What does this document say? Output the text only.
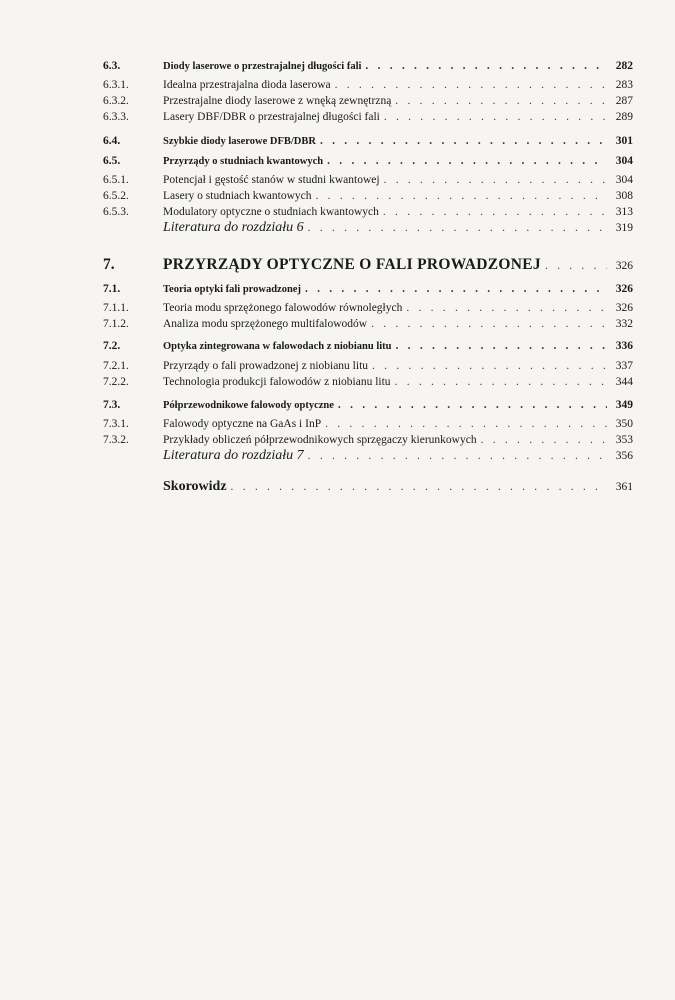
6.3.	Diody laserowe o przestrajalnej długości fali . . .	282
6.3.1.	Idealna przestrajalna dioda laserowa . . .	283
6.3.2.	Przestrajalne diody laserowe z wnęką zewnętrzną . . .	287
6.3.3.	Lasery DBF/DBR o przestrajalnej długości fali . . .	289
6.4.	Szybkie diody laserowe DFB/DBR . . .	301
6.5.	Przyrządy o studniach kwantowych . . .	304
6.5.1.	Potencjał i gęstość stanów w studni kwantowej . . .	304
6.5.2.	Lasery o studniach kwantowych . . .	308
6.5.3.	Modulatory optyczne o studniach kwantowych . . .	313
Literatura do rozdziału 6 . . .	319
7.	PRZYRZĄDY OPTYCZNE O FALI PROWADZONEJ . . .	326
7.1.	Teoria optyki fali prowadzonej . . .	326
7.1.1.	Teoria modu sprzężonego falowodów równoległych . . .	326
7.1.2.	Analiza modu sprzężonego multifalowodów . . .	332
7.2.	Optyka zintegrowana w falowodach z niobianu litu . . .	336
7.2.1.	Przyrządy o fali prowadzonej z niobianu litu . . .	337
7.2.2.	Technologia produkcji falowodów z niobianu litu . . .	344
7.3.	Półprzewodnikowe falowody optyczne . . .	349
7.3.1.	Falowody optyczne na GaAs i InP . . .	350
7.3.2.	Przykłady obliczeń półprzewodnikowych sprzęgaczy kierunkowych . . .	353
Literatura do rozdziału 7 . . .	356
Skorowidz . . .	361
